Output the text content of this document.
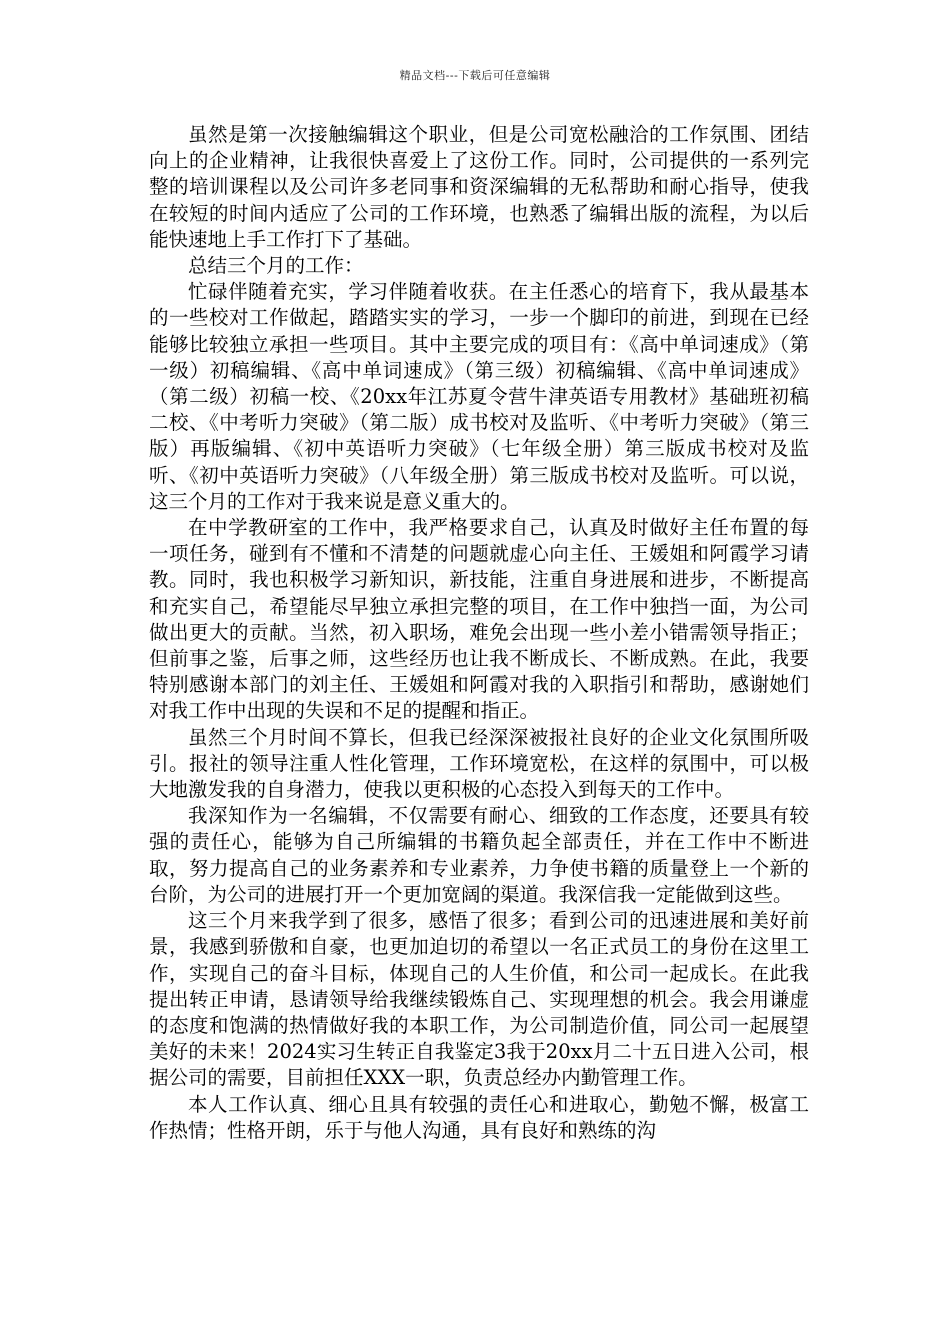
精品文档---下载后可任意编辑

虽然是第一次接触编辑这个职业，但是公司宽松融洽的工作氛围、团结向上的企业精神，让我很快喜爱上了这份工作。同时，公司提供的一系列完整的培训课程以及公司许多老同事和资深编辑的无私帮助和耐心指导，使我在较短的时间内适应了公司的工作环境，也熟悉了编辑出版的流程，为以后能快速地上手工作打下了基础。

总结三个月的工作：

忙碌伴随着充实，学习伴随着收获。在主任悉心的培育下，我从最基本的一些校对工作做起，踏踏实实的学习，一步一个脚印的前进，到现在已经能够比较独立承担一些项目。其中主要完成的项目有：《高中单词速成》（第一级）初稿编辑、《高中单词速成》（第三级）初稿编辑、《高中单词速成》（第二级）初稿一校、《20xx年江苏夏令营牛津英语专用教材》基础班初稿二校、《中考听力突破》（第二版）成书校对及监听、《中考听力突破》（第三版）再版编辑、《初中英语听力突破》（七年级全册）第三版成书校对及监听、《初中英语听力突破》（八年级全册）第三版成书校对及监听。可以说，这三个月的工作对于我来说是意义重大的。

在中学教研室的工作中，我严格要求自己，认真及时做好主任布置的每一项任务，碰到有不懂和不清楚的问题就虚心向主任、王媛姐和阿霞学习请教。同时，我也积极学习新知识，新技能，注重自身进展和进步，不断提高和充实自己，希望能尽早独立承担完整的项目，在工作中独挡一面，为公司做出更大的贡献。当然，初入职场，难免会出现一些小差小错需领导指正；但前事之鉴，后事之师，这些经历也让我不断成长、不断成熟。在此，我要特别感谢本部门的刘主任、王媛姐和阿霞对我的入职指引和帮助，感谢她们对我工作中出现的失误和不足的提醒和指正。

虽然三个月时间不算长，但我已经深深被报社良好的企业文化氛围所吸引。报社的领导注重人性化管理，工作环境宽松，在这样的氛围中，可以极大地激发我的自身潜力，使我以更积极的心态投入到每天的工作中。

我深知作为一名编辑，不仅需要有耐心、细致的工作态度，还要具有较强的责任心，能够为自己所编辑的书籍负起全部责任，并在工作中不断进取，努力提高自己的业务素养和专业素养，力争使书籍的质量登上一个新的台阶，为公司的进展打开一个更加宽阔的渠道。我深信我一定能做到这些。

这三个月来我学到了很多，感悟了很多；看到公司的迅速进展和美好前景，我感到骄傲和自豪，也更加迫切的希望以一名正式员工的身份在这里工作，实现自己的奋斗目标，体现自己的人生价值，和公司一起成长。在此我提出转正申请，恳请领导给我继续锻炼自己、实现理想的机会。我会用谦虚的态度和饱满的热情做好我的本职工作，为公司制造价值，同公司一起展望美好的未来！2024实习生转正自我鉴定3我于20xx月二十五日进入公司，根据公司的需要，目前担任XXX一职，负责总经办内勤管理工作。

本人工作认真、细心且具有较强的责任心和进取心，勤勉不懈，极富工作热情；性格开朗，乐于与他人沟通，具有良好和熟练的沟
